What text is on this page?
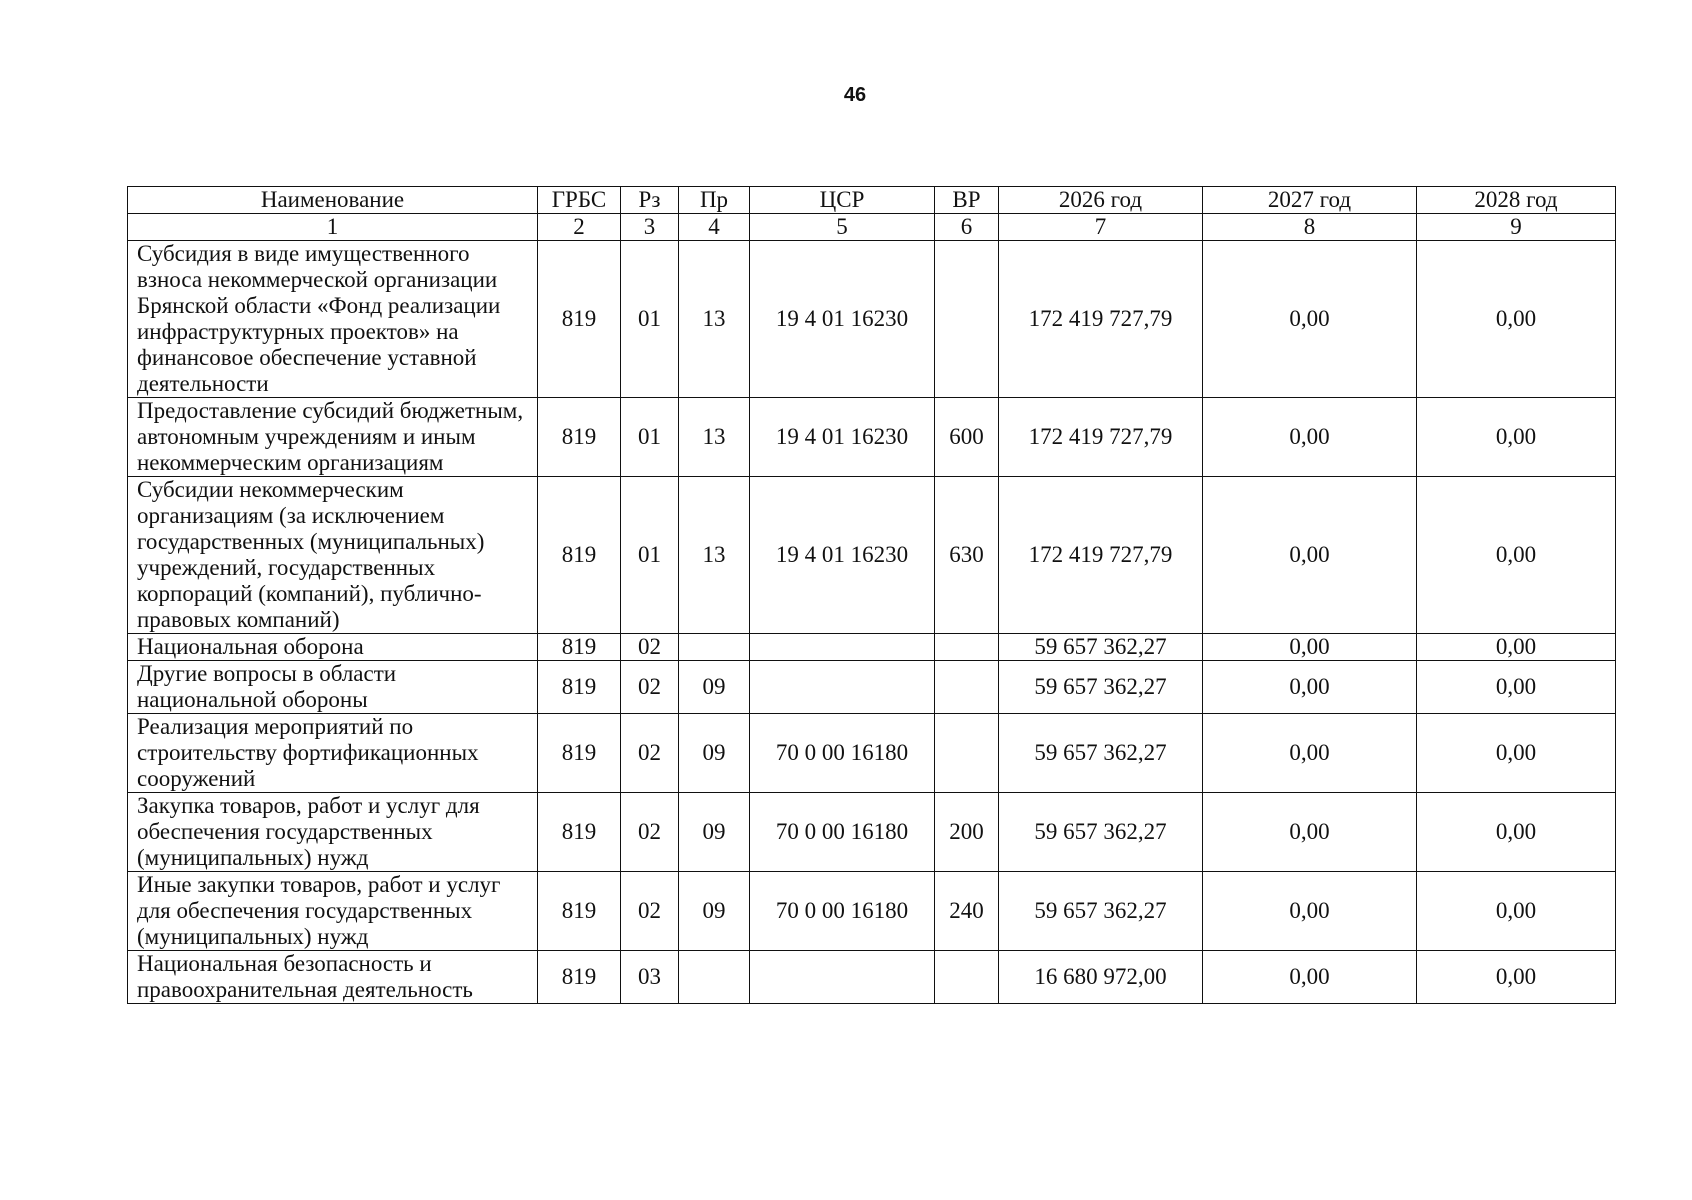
46
Наименование	ГРБС	Рз	Пр	ЦСР	ВР	2026 год	2027 год	2028 год
1	2	3	4	5	6	7	8	9
Субсидия в виде имущественного взноса некоммерческой организации Брянской области «Фонд реализации инфраструктурных проектов» на финансовое обеспечение уставной деятельности	819	01	13	19 4 01 16230		172 419 727,79	0,00	0,00
Предоставление субсидий бюджетным, автономным учреждениям и иным некоммерческим организациям	819	01	13	19 4 01 16230	600	172 419 727,79	0,00	0,00
Субсидии некоммерческим организациям (за исключением государственных (муниципальных) учреждений, государственных корпораций (компаний), публично-правовых компаний)	819	01	13	19 4 01 16230	630	172 419 727,79	0,00	0,00
Национальная оборона	819	02				59 657 362,27	0,00	0,00
Другие вопросы в области национальной обороны	819	02	09			59 657 362,27	0,00	0,00
Реализация мероприятий по строительству фортификационных сооружений	819	02	09	70 0 00 16180		59 657 362,27	0,00	0,00
Закупка товаров, работ и услуг для обеспечения государственных (муниципальных) нужд	819	02	09	70 0 00 16180	200	59 657 362,27	0,00	0,00
Иные закупки товаров, работ и услуг для обеспечения государственных (муниципальных) нужд	819	02	09	70 0 00 16180	240	59 657 362,27	0,00	0,00
Национальная безопасность и правоохранительная деятельность	819	03				16 680 972,00	0,00	0,00
